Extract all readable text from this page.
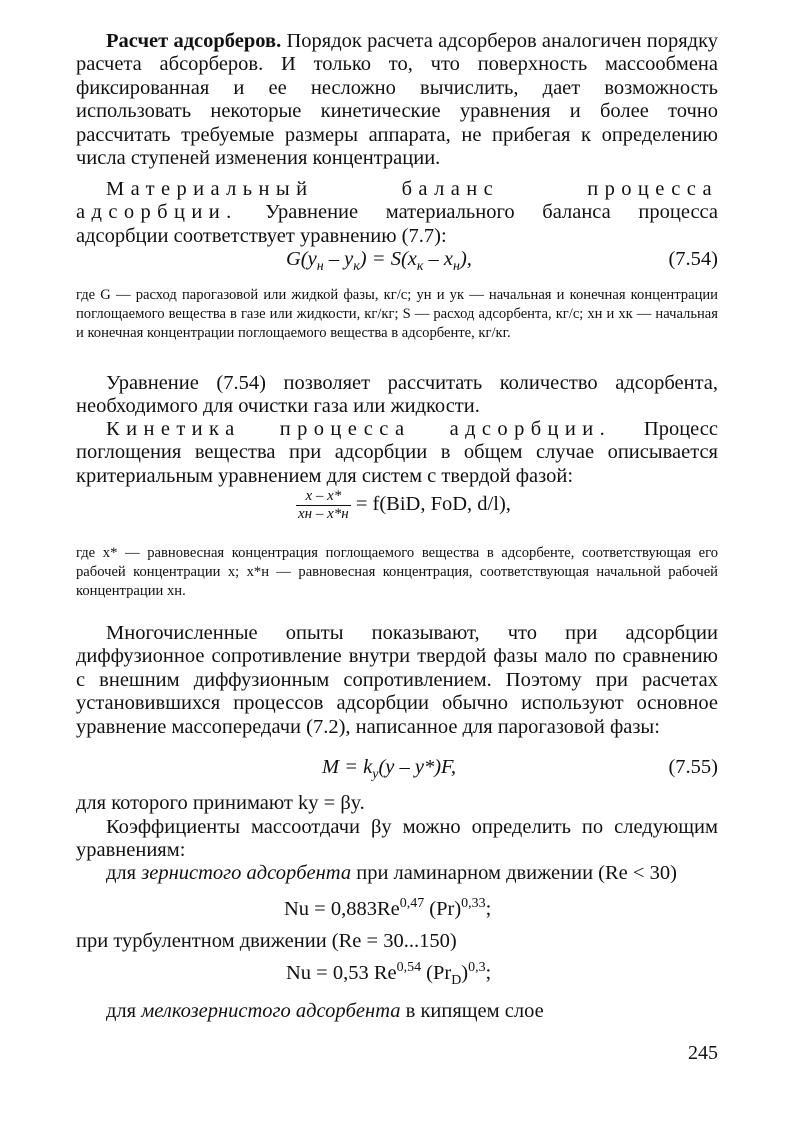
Расчет адсорберов. Порядок расчета адсорберов аналогичен порядку расчета абсорберов. И только то, что поверхность массообмена фиксированная и ее несложно вычислить, дает возможность использовать некоторые кинетические уравнения и более точно рассчитать требуемые размеры аппарата, не прибегая к определению числа ступеней изменения концентрации.

Материальный баланс процесса адсорбции. Уравнение материального баланса процесса адсорбции соответствует уравнению (7.7):

$G(y_н - y_к) = S(x_к - x_н)$,	(7.54)

где G — расход парогазовой или жидкой фазы, кг/с; yн и yк — начальная и конечная концентрации поглощаемого вещества в газе или жидкости, кг/кг; S — расход адсорбента, кг/с; xн и xк — начальная и конечная концентрации поглощаемого вещества в адсорбенте, кг/кг.

Уравнение (7.54) позволяет рассчитать количество адсорбента, необходимого для очистки газа или жидкости.

Кинетика процесса адсорбции. Процесс поглощения вещества при адсорбции в общем случае описывается критериальным уравнением для систем с твердой фазой:

$\frac{x - x*}{xн - x*н} = f(BiD$, FoD, d/l),

где x* — равновесная концентрация поглощаемого вещества в адсорбенте, соответствующая его рабочей концентрации x; x*н — равновесная концентрация, соответствующая начальной рабочей концентрации xн.

Многочисленные опыты показывают, что при адсорбции диффузионное сопротивление внутри твердой фазы мало по сравнению с внешним диффузионным сопротивлением. Поэтому при расчетах установившихся процессов адсорбции обычно используют основное уравнение массопередачи (7.2), написанное для парогазовой фазы:

$M = k_y(y - y*)F$,	(7.55)

для которого принимают ky = βy.

Коэффициенты массоотдачи βy можно определить по следующим уравнениям:

для зернистого адсорбента при ламинарном движении (Re < 30)

Nu = 0,883Re$^{0,47}$ $(Pr)^{0,33}$;

при турбулентном движении (Re = 30...150)

Nu = 0,53 Re$^{0,54}$ $(Pr_D)^{0,3}$;

для мелкозернистого адсорбента в кипящем слое

245
